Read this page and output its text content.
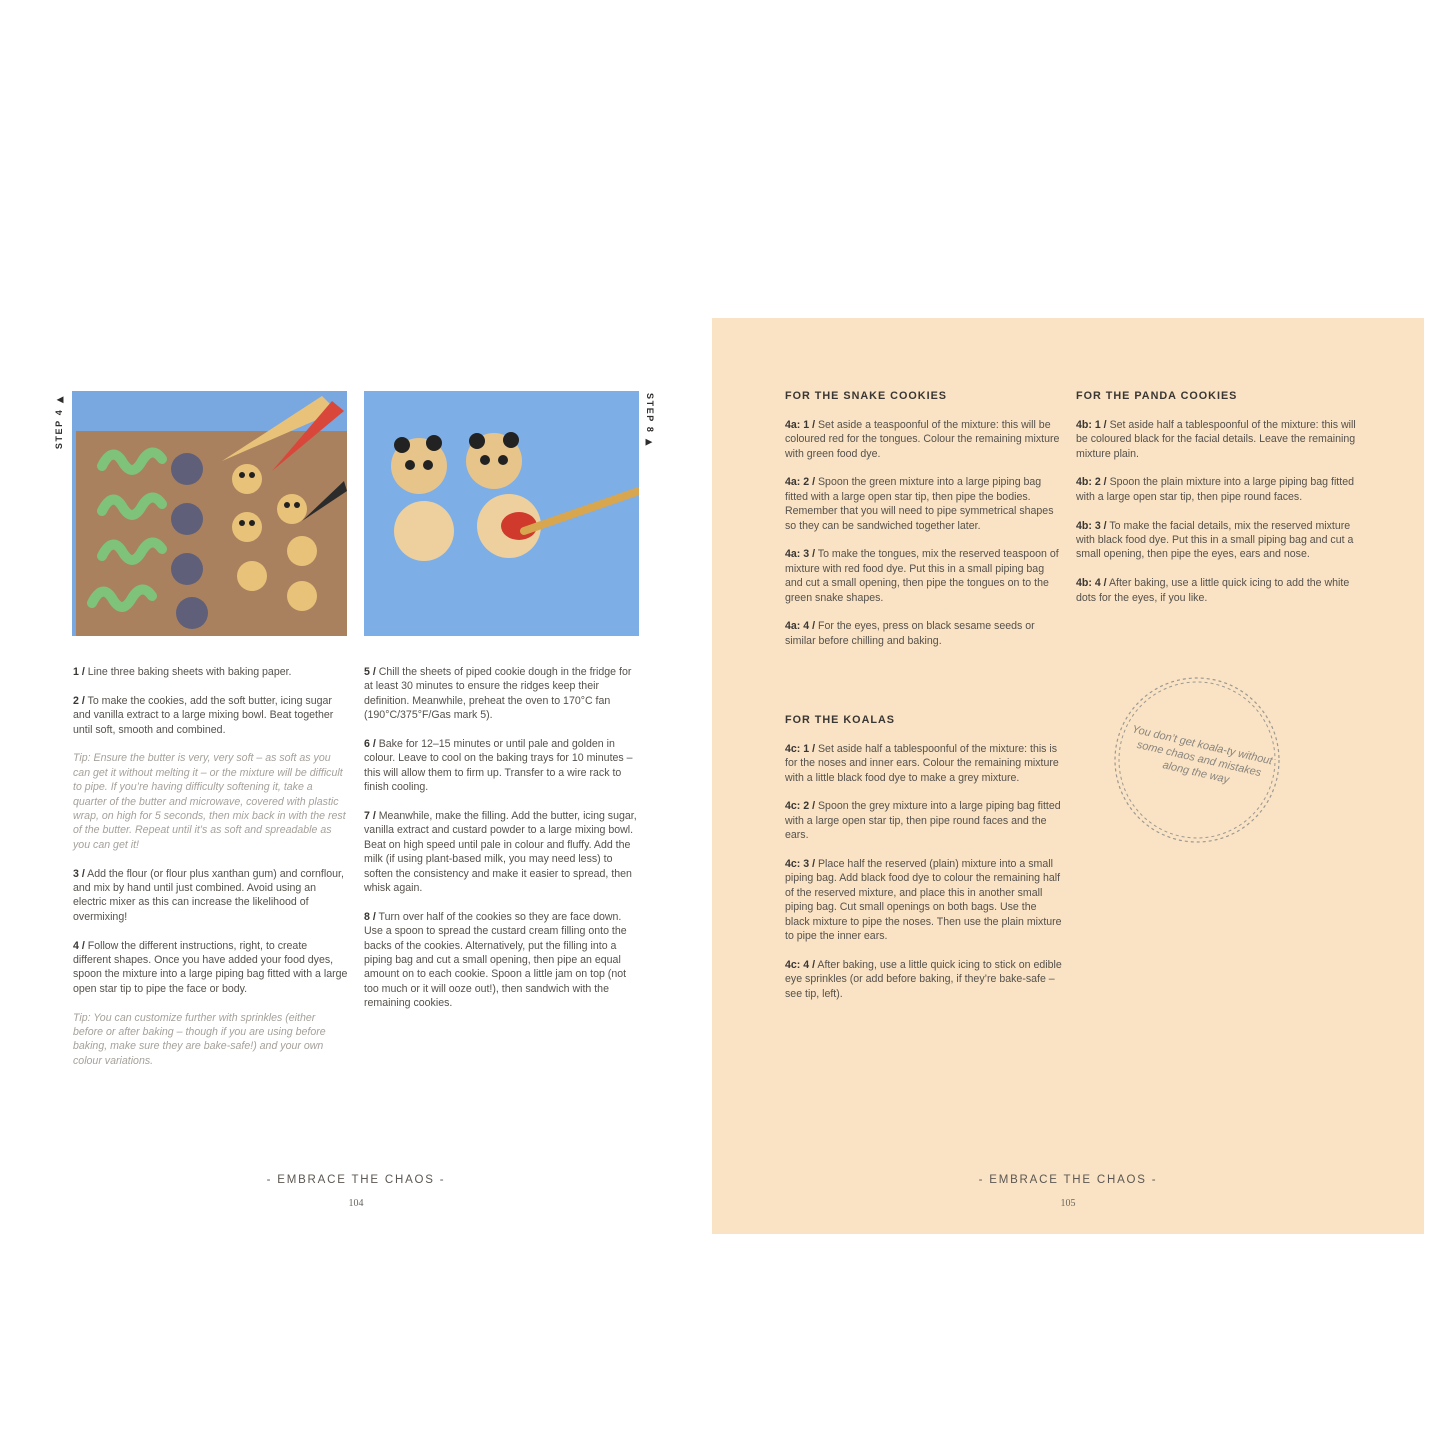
STEP 4 ▶	STEP 8 ▶

1 / Line three baking sheets with baking paper.

2 / To make the cookies, add the soft butter, icing sugar and vanilla extract to a large mixing bowl. Beat together until soft, smooth and combined.

Tip: Ensure the butter is very, very soft – as soft as you can get it without melting it – or the mixture will be difficult to pipe. If you’re having difficulty softening it, take a quarter of the butter and microwave, covered with plastic wrap, on high for 5 seconds, then mix back in with the rest of the butter. Repeat until it’s as soft and spreadable as you can get it!

3 / Add the flour (or flour plus xanthan gum) and cornflour, and mix by hand until just combined. Avoid using an electric mixer as this can increase the likelihood of overmixing!

4 / Follow the different instructions, right, to create different shapes. Once you have added your food dyes, spoon the mixture into a large piping bag fitted with a large open star tip to pipe the face or body.

Tip: You can customize further with sprinkles (either before or after baking – though if you are using before baking, make sure they are bake-safe!) and your own colour variations.

5 / Chill the sheets of piped cookie dough in the fridge for at least 30 minutes to ensure the ridges keep their definition. Meanwhile, preheat the oven to 170°C fan (190°C/375°F/Gas mark 5).

6 / Bake for 12–15 minutes or until pale and golden in colour. Leave to cool on the baking trays for 10 minutes – this will allow them to firm up. Transfer to a wire rack to finish cooling.

7 / Meanwhile, make the filling. Add the butter, icing sugar, vanilla extract and custard powder to a large mixing bowl. Beat on high speed until pale in colour and fluffy. Add the milk (if using plant-based milk, you may need less) to soften the consistency and make it easier to spread, then whisk again.

8 / Turn over half of the cookies so they are face down. Use a spoon to spread the custard cream filling onto the backs of the cookies. Alternatively, put the filling into a piping bag and cut a small opening, then pipe an equal amount on to each cookie. Spoon a little jam on top (not too much or it will ooze out!), then sandwich with the remaining cookies.

- EMBRACE THE CHAOS -
104
FOR THE SNAKE COOKIES

4a: 1 / Set aside a teaspoonful of the mixture: this will be coloured red for the tongues. Colour the remaining mixture with green food dye.

4a: 2 / Spoon the green mixture into a large piping bag fitted with a large open star tip, then pipe the bodies. Remember that you will need to pipe symmetrical shapes so they can be sandwiched together later.

4a: 3 / To make the tongues, mix the reserved teaspoon of mixture with red food dye. Put this in a small piping bag and cut a small opening, then pipe the tongues on to the green snake shapes.

4a: 4 / For the eyes, press on black sesame seeds or similar before chilling and baking.

FOR THE PANDA COOKIES

4b: 1 / Set aside half a tablespoonful of the mixture: this will be coloured black for the facial details. Leave the remaining mixture plain.

4b: 2 / Spoon the plain mixture into a large piping bag fitted with a large open star tip, then pipe round faces.

4b: 3 / To make the facial details, mix the reserved mixture with black food dye. Put this in a small piping bag and cut a small opening, then pipe the eyes, ears and nose.

4b: 4 / After baking, use a little quick icing to add the white dots for the eyes, if you like.

FOR THE KOALAS

4c: 1 / Set aside half a tablespoonful of the mixture: this is for the noses and inner ears. Colour the remaining mixture with a little black food dye to make a grey mixture.

4c: 2 / Spoon the grey mixture into a large piping bag fitted with a large open star tip, then pipe round faces and the ears.

4c: 3 / Place half the reserved (plain) mixture into a small piping bag. Add black food dye to colour the remaining half of the reserved mixture, and place this in another small piping bag. Cut small openings on both bags. Use the black mixture to pipe the noses. Then use the plain mixture to pipe the inner ears.

4c: 4 / After baking, use a little quick icing to stick on edible eye sprinkles (or add before baking, if they’re bake-safe – see tip, left).

You don’t get koala-ty without some chaos and mistakes along the way
- EMBRACE THE CHAOS -
105
